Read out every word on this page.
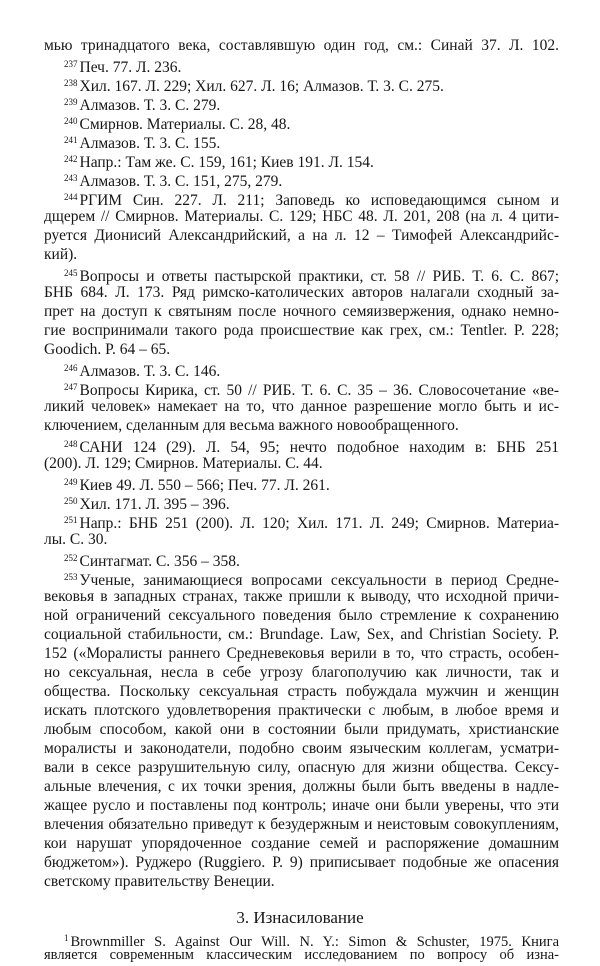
мью тринадцатого века, составлявшую один год, см.: Синай 37. Л. 102.

$^{237}$ Печ. 77. Л. 236.

$^{238}$ Хил. 167. Л. 229; Хил. 627. Л. 16; Алмазов. Т. 3. С. 275.

$^{239}$ Алмазов. Т. 3. С. 279.

$^{240}$ Смирнов. Материалы. С. 28, 48.

$^{241}$ Алмазов. Т. 3. С. 155.

$^{242}$ Напр.: Там же. С. 159, 161; Киев 191. Л. 154.

$^{243}$ Алмазов. Т. 3. С. 151, 275, 279.

$^{244}$ РГИМ Син. 227. Л. 211; Заповедь ко исповедающимся сыном и

дщерем // Смирнов. Материалы. С. 129; НБС 48. Л. 201, 208 (на л. 4 цити-

руется Дионисий Александрийский, а на л. 12 – Тимофей Александрийс-

кий).

$^{245}$ Вопросы и ответы пастырской практики, ст. 58 // РИБ. Т. 6. С. 867;

БНБ 684. Л. 173. Ряд римско-католических авторов налагали сходный за-

прет на доступ к святыням после ночного семяизвержения, однако немно-

гие воспринимали такого рода происшествие как грех, см.: Tentler. P. 228;

Goodich. P. 64 – 65.

$^{246}$ Алмазов. Т. 3. С. 146.

$^{247}$ Вопросы Кирика, ст. 50 // РИБ. Т. 6. С. 35 – 36. Словосочетание «ве-

ликий человек» намекает на то, что данное разрешение могло быть и ис-

ключением, сделанным для весьма важного новообращенного.

$^{248}$ САНИ 124 (29). Л. 54, 95; нечто подобное находим в: БНБ 251

(200). Л. 129; Смирнов. Материалы. С. 44.

$^{249}$ Киев 49. Л. 550 – 566; Печ. 77. Л. 261.

$^{250}$ Хил. 171. Л. 395 – 396.

$^{251}$ Напр.: БНБ 251 (200). Л. 120; Хил. 171. Л. 249; Смирнов. Материа-

лы. С. 30.

$^{252}$ Синтагмат. С. 356 – 358.

$^{253}$ Ученые, занимающиеся вопросами сексуальности в период Средне-

вековья в западных странах, также пришли к выводу, что исходной причи-

ной ограничений сексуального поведения было стремление к сохранению

социальной стабильности, см.: Brundage. Law, Sex, and Christian Society. P.

152 («Моралисты раннего Средневековья верили в то, что страсть, особен-

но сексуальная, несла в себе угрозу благополучию как личности, так и

общества. Поскольку сексуальная страсть побуждала мужчин и женщин

искать плотского удовлетворения практически с любым, в любое время и

любым способом, какой они в состоянии были придумать, христианские

моралисты и законодатели, подобно своим языческим коллегам, усматри-

вали в сексе разрушительную силу, опасную для жизни общества. Сексу-

альные влечения, с их точки зрения, должны были быть введены в надле-

жащее русло и поставлены под контроль; иначе они были уверены, что эти

влечения обязательно приведут к безудержным и неистовым совокуплениям,

кои нарушат упорядоченное создание семей и распоряжение домашним

бюджетом»). Руджеро (Ruggiero. P. 9) приписывает подобные же опасения

светскому правительству Венеции.

3. Изнасилование

$^1$ Brownmiller S. Against Our Will. N. Y.: Simon & Schuster, 1975. Книга

является современным классическим исследованием по вопросу об изна-
